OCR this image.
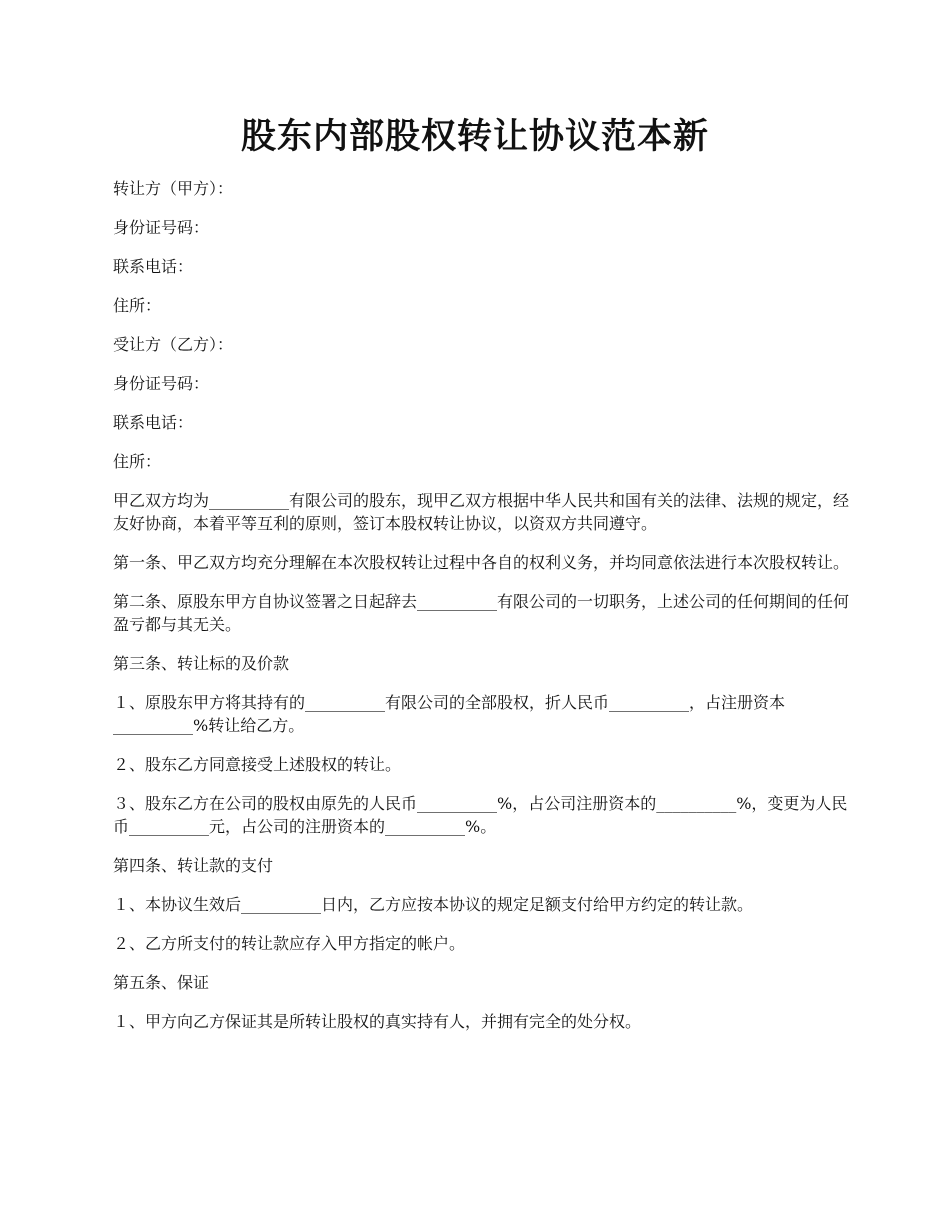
股东内部股权转让协议范本新

转让方（甲方）：

身份证号码：

联系电话：

住所：

受让方（乙方）：

身份证号码：

联系电话：

住所：

甲乙双方均为__________有限公司的股东，现甲乙双方根据中华人民共和国有关的法律、法规的规定，经友好协商，本着平等互利的原则，签订本股权转让协议，以资双方共同遵守。

第一条、甲乙双方均充分理解在本次股权转让过程中各自的权利义务，并均同意依法进行本次股权转让。

第二条、原股东甲方自协议签署之日起辞去__________有限公司的一切职务，上述公司的任何期间的任何盈亏都与其无关。

第三条、转让标的及价款

１、原股东甲方将其持有的__________有限公司的全部股权，折人民币__________，占注册资本__________%转让给乙方。

２、股东乙方同意接受上述股权的转让。

３、股东乙方在公司的股权由原先的人民币__________%，占公司注册资本的__________%，变更为人民币__________元，占公司的注册资本的__________%。

第四条、转让款的支付

１、本协议生效后__________日内，乙方应按本协议的规定足额支付给甲方约定的转让款。

２、乙方所支付的转让款应存入甲方指定的帐户。

第五条、保证

１、甲方向乙方保证其是所转让股权的真实持有人，并拥有完全的处分权。
